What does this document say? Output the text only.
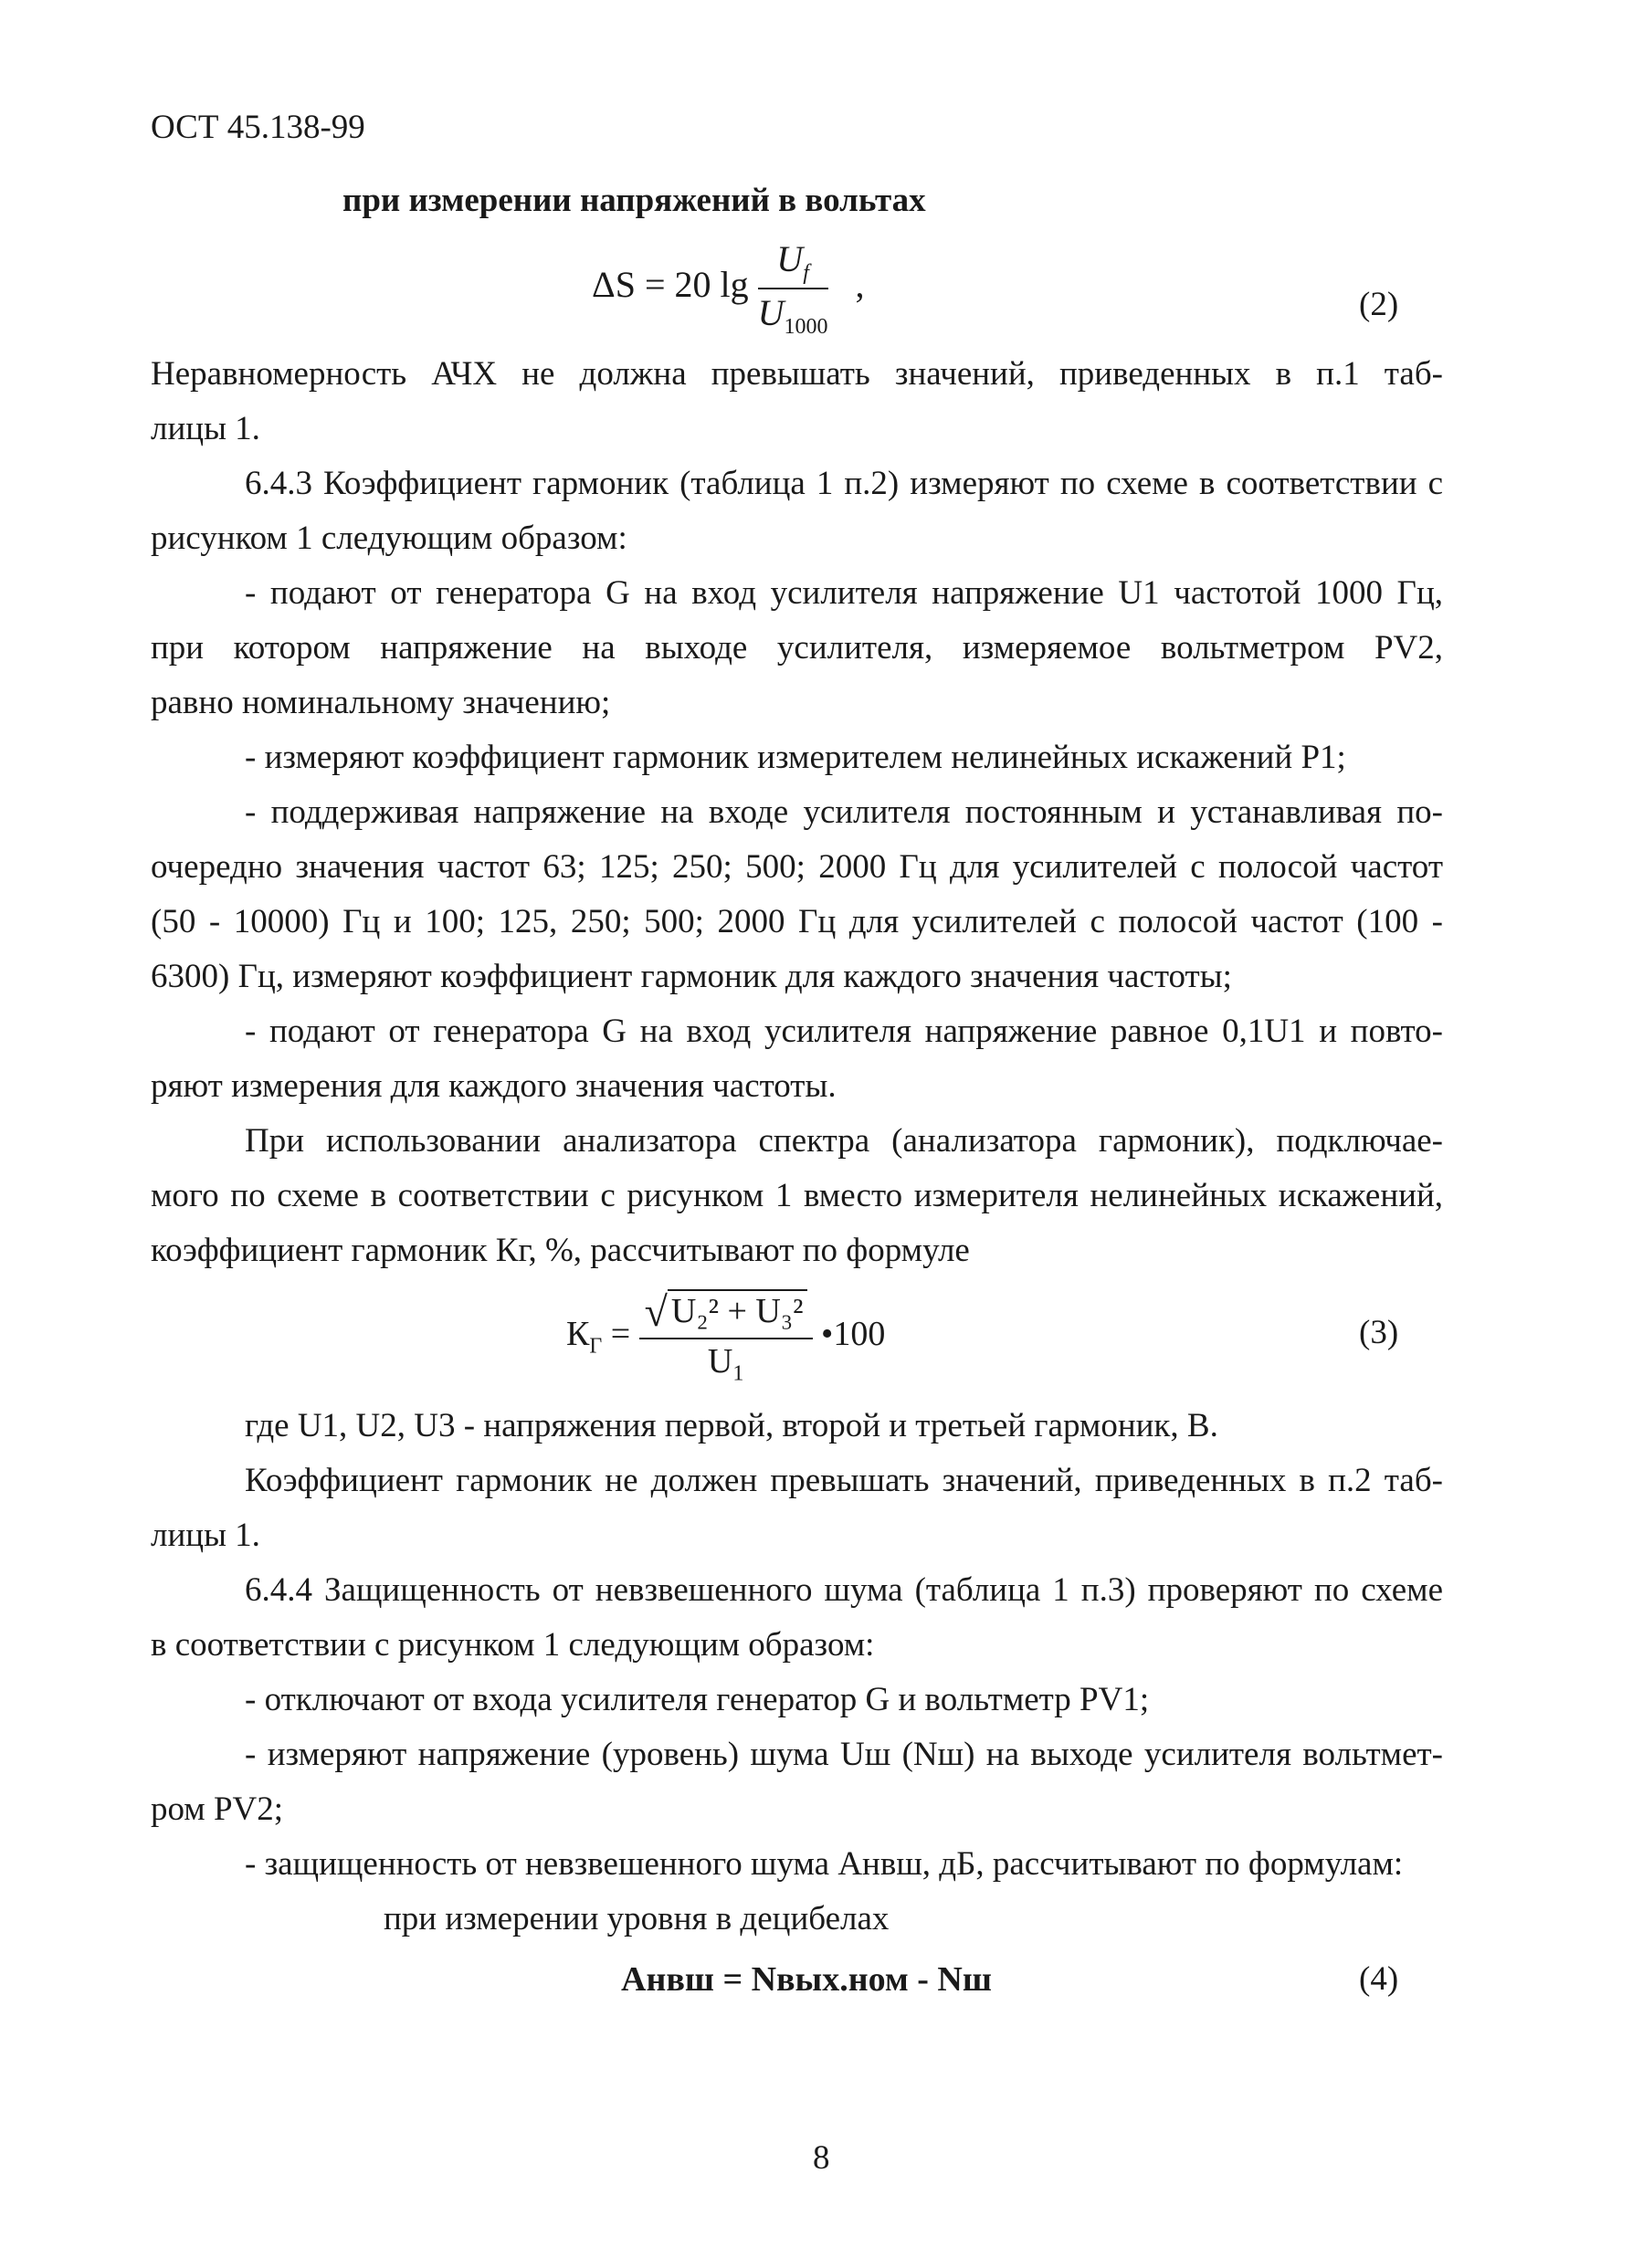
ОСТ 45.138-99
при измерении напряжений в вольтах
ΔS = 20 $\lg \frac{U_f}{U_{1000}}$ ,	(2)
Неравномерность АЧХ не должна превышать значений, приведенных в п.1 таб-
лицы 1.
6.4.3 Коэффициент гармоник (таблица 1 п.2) измеряют по схеме в соответствии с
рисунком 1 следующим образом:
- подают от генератора G на вход усилителя напряжение U1 частотой 1000 Гц,
при котором напряжение на выходе усилителя, измеряемое вольтметром PV2,
равно номинальному значению;
- измеряют коэффициент гармоник измерителем нелинейных искажений P1;
- поддерживая напряжение на входе усилителя постоянным и устанавливая по-
очередно значения частот 63; 125; 250; 500; 2000 Гц для усилителей с полосой частот
(50 - 10000) Гц и 100; 125, 250; 500; 2000 Гц для усилителей с полосой частот (100 -
6300) Гц, измеряют коэффициент гармоник для каждого значения частоты;
- подают от генератора G на вход усилителя напряжение равное 0,1U1 и повто-
ряют измерения для каждого значения частоты.
При использовании анализатора спектра (анализатора гармоник), подключае-
мого по схеме в соответствии с рисунком 1 вместо измерителя нелинейных искажений,
коэффициент гармоник Кг, %, рассчитывают по формуле
$К_Г = \frac{\text{√ U₂² + U₃²}}{U_1}$ •100	(3)
где U1, U2, U3 - напряжения первой, второй и третьей гармоник, В.
Коэффициент гармоник не должен превышать значений, приведенных в п.2 таб-
лицы 1.
6.4.4 Защищенность от невзвешенного шума (таблица 1 п.3) проверяют по схеме
в соответствии с рисунком 1 следующим образом:
- отключают от входа усилителя генератор G и вольтметр PV1;
- измеряют напряжение (уровень) шума Uш (Nш) на выходе усилителя вольтмет-
ром PV2;
- защищенность от невзвешенного шума Анвш, дБ, рассчитывают по формулам:
при измерении уровня в децибелах
Анвш = Nвых.ном - Nш	(4)
8
